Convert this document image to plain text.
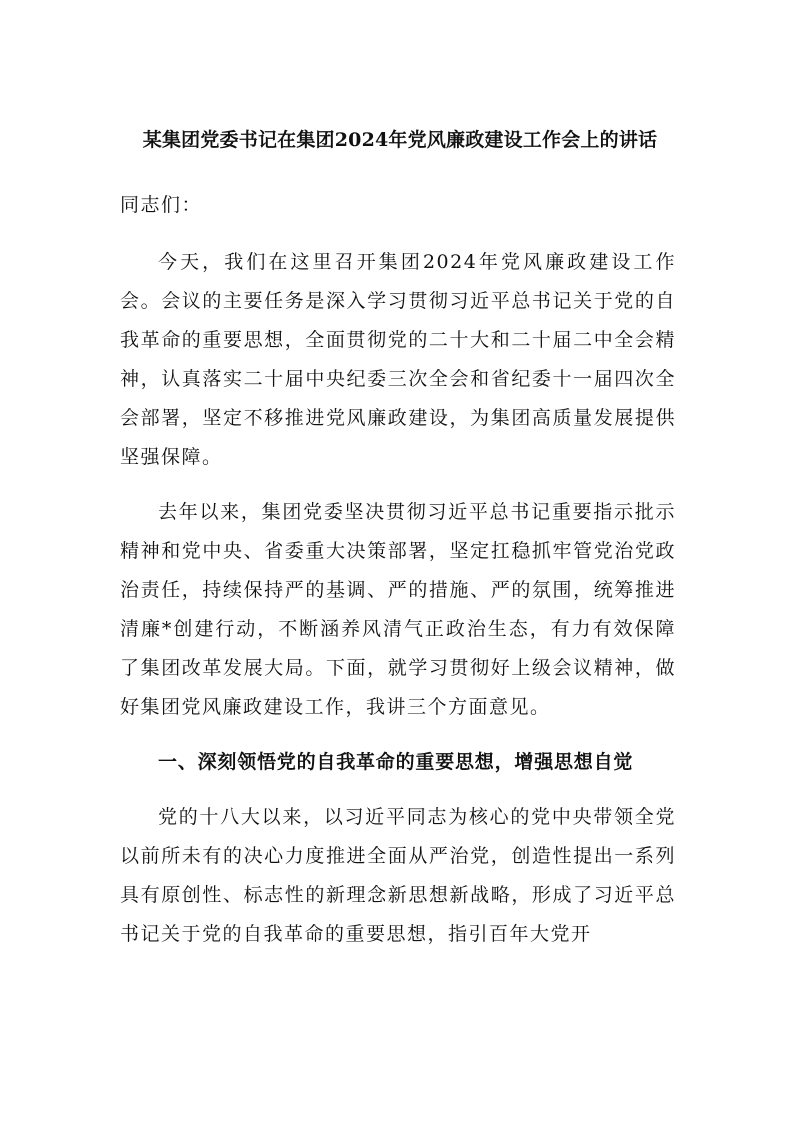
某集团党委书记在集团2024年党风廉政建设工作会上的讲话

同志们：

今天，我们在这里召开集团2024年党风廉政建设工作会。会议的主要任务是深入学习贯彻习近平总书记关于党的自我革命的重要思想，全面贯彻党的二十大和二十届二中全会精神，认真落实二十届中央纪委三次全会和省纪委十一届四次全会部署，坚定不移推进党风廉政建设，为集团高质量发展提供坚强保障。

去年以来，集团党委坚决贯彻习近平总书记重要指示批示精神和党中央、省委重大决策部署，坚定扛稳抓牢管党治党政治责任，持续保持严的基调、严的措施、严的氛围，统筹推进清廉*创建行动，不断涵养风清气正政治生态，有力有效保障了集团改革发展大局。下面，就学习贯彻好上级会议精神，做好集团党风廉政建设工作，我讲三个方面意见。

一、深刻领悟党的自我革命的重要思想，增强思想自觉

党的十八大以来，以习近平同志为核心的党中央带领全党以前所未有的决心力度推进全面从严治党，创造性提出一系列具有原创性、标志性的新理念新思想新战略，形成了习近平总书记关于党的自我革命的重要思想，指引百年大党开
